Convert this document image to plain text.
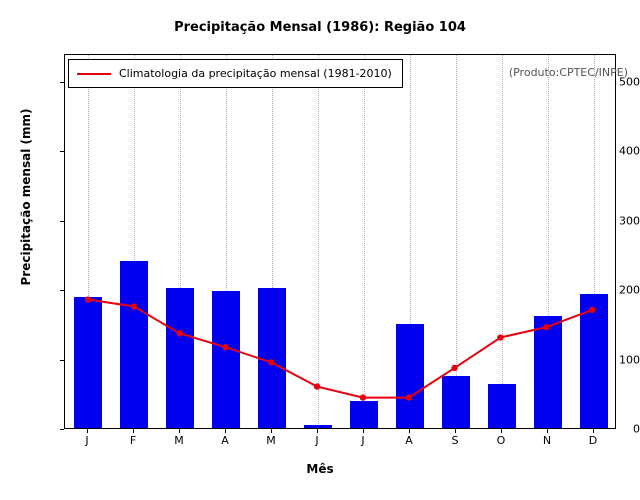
Precipitação Mensal (1986): Região 104
0
100
200
300
400
500
J	F	M	A	M	J	J	A	S	O	N	D
Precipitação mensal (mm)
Mês
Climatologia da precipitação mensal (1981-2010)	(Produto:CPTEC/INPE)
